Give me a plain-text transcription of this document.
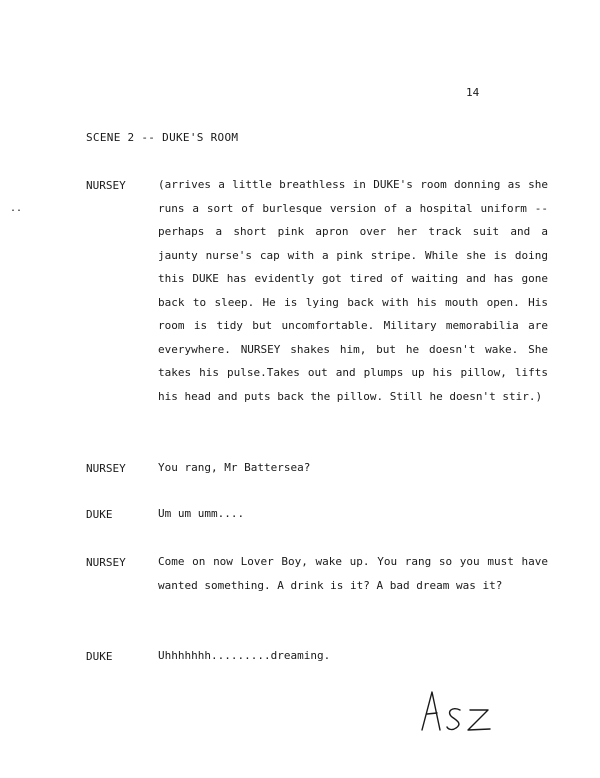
14
SCENE 2 -- DUKE'S ROOM
..
NURSEY	(arrives a little breathless in DUKE's room donning as she runs a sort of burlesque version of a hospital uniform -- perhaps a short pink apron over her track suit and a jaunty nurse's cap with a pink stripe. While she is doing this DUKE has evidently got tired of waiting and has gone back to sleep. He is lying back with his mouth open. His room is tidy but uncomfortable. Military memorabilia are everywhere. NURSEY shakes him, but he doesn't wake. She takes his pulse.Takes out and plumps up his pillow, lifts his head and puts back the pillow. Still he doesn't stir.)
NURSEY	You rang, Mr Battersea?
DUKE	Um um umm....
NURSEY	Come on now Lover Boy, wake up. You rang so you must have wanted something. A drink is it? A bad dream was it?
DUKE	Uhhhhhhh.........dreaming.
